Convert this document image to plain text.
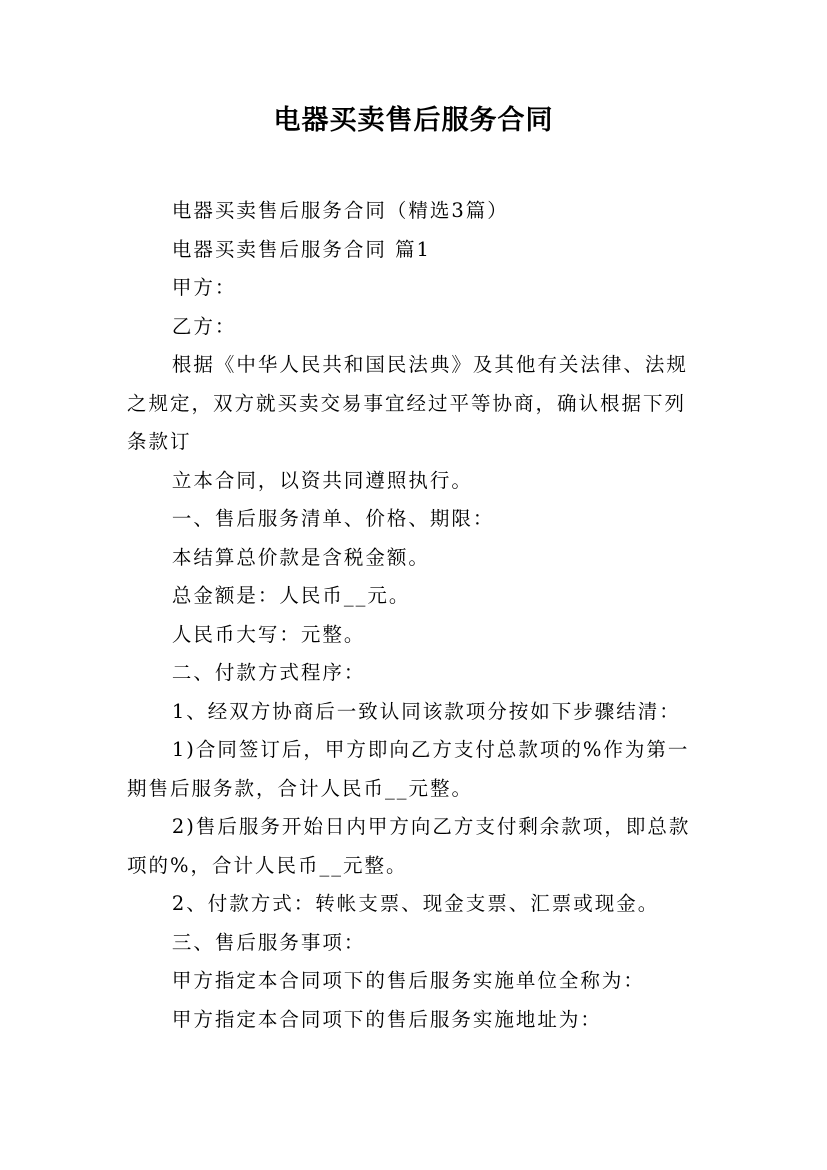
电器买卖售后服务合同

电器买卖售后服务合同（精选3篇）

电器买卖售后服务合同 篇1

甲方：

乙方：

根据《中华人民共和国民法典》及其他有关法律、法规之规定，双方就买卖交易事宜经过平等协商，确认根据下列条款订

立本合同，以资共同遵照执行。

一、售后服务清单、价格、期限：

本结算总价款是含税金额。

总金额是：人民币__元。

人民币大写：元整。

二、付款方式程序：

1、经双方协商后一致认同该款项分按如下步骤结清：

1)合同签订后，甲方即向乙方支付总款项的%作为第一期售后服务款，合计人民币__元整。

2)售后服务开始日内甲方向乙方支付剩余款项，即总款项的%，合计人民币__元整。

2、付款方式：转帐支票、现金支票、汇票或现金。

三、售后服务事项：

甲方指定本合同项下的售后服务实施单位全称为：

甲方指定本合同项下的售后服务实施地址为：
